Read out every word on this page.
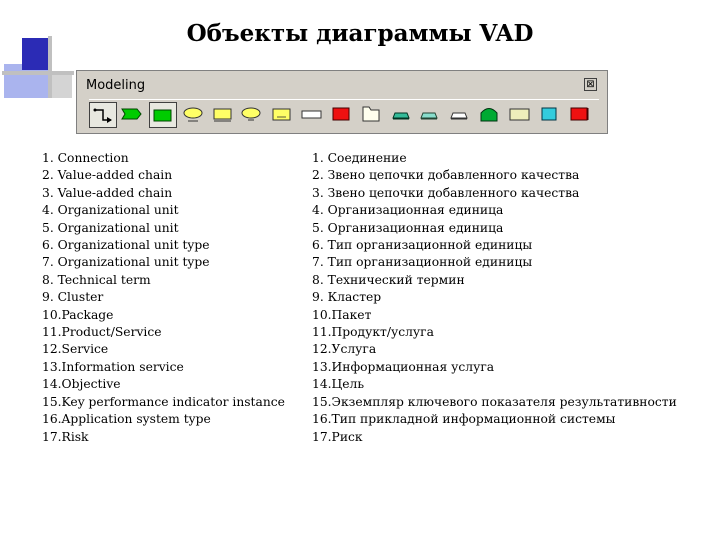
Объекты диаграммы VAD
Modeling	⊠
1. Connection
2. Value-added chain
3. Value-added chain
4. Organizational unit
5. Organizational unit
6. Organizational unit type
7. Organizational unit type
8. Technical term
9. Cluster
10.Package
11.Product/Service
12.Service
13.Information service
14.Objective
15.Key performance indicator instance
16.Application system type
17.Risk
1. Соединение
2. Звено цепочки добавленного качества
3. Звено цепочки добавленного качества
4. Организационная единица
5. Организационная единица
6. Тип организационной единицы
7. Тип организационной единицы
8. Технический термин
9. Кластер
10.Пакет
11.Продукт/услуга
12.Услуга
13.Информационная услуга
14.Цель
15.Экземпляр ключевого показателя результативности
16.Тип прикладной информационной системы
17.Риск
